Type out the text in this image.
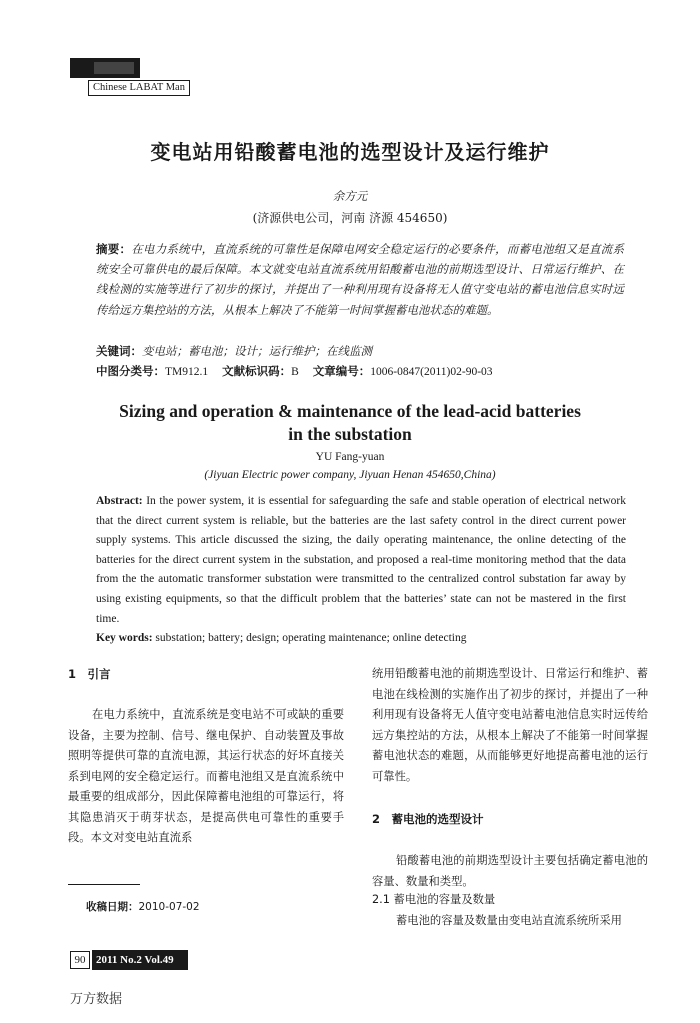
Chinese LABAT Man
变电站用铅酸蓄电池的选型设计及运行维护
余方元
(济源供电公司，河南 济源 454650)
摘要：在电力系统中，直流系统的可靠性是保障电网安全稳定运行的必要条件，而蓄电池组又是直流系统安全可靠供电的最后保障。本文就变电站直流系统用铅酸蓄电池的前期选型设计、日常运行维护、在线检测的实施等进行了初步的探讨，并提出了一种利用现有设备将无人值守变电站的蓄电池信息实时远传给远方集控站的方法，从根本上解决了不能第一时间掌握蓄电池状态的难题。
关键词：变电站；蓄电池；设计；运行维护；在线监测
中图分类号：TM912.1 文献标识码：B 文章编号：1006-0847(2011)02-90-03
Sizing and operation & maintenance of the lead-acid batteries
in the substation
YU Fang-yuan
(Jiyuan Electric power company, Jiyuan Henan 454650,China)
Abstract: In the power system, it is essential for safeguarding the safe and stable operation of electrical network that the direct current system is reliable, but the batteries are the last safety control in the direct current power supply systems. This article discussed the sizing, the daily operating maintenance, the online detecting of the batteries for the direct current system in the substation, and proposed a real-time monitoring method that the data from the the automatic transformer substation were transmitted to the centralized control substation far away by using existing equipments, so that the difficult problem that the batteries’ state can not be mastered in the first time.
Key words: substation; battery; design; operating maintenance; online detecting
1　引言
在电力系统中，直流系统是变电站不可或缺的重要设备，主要为控制、信号、继电保护、自动装置及事故照明等提供可靠的直流电源，其运行状态的好坏直接关系到电网的安全稳定运行。而蓄电池组又是直流系统中最重要的组成部分，因此保障蓄电池组的可靠运行，将其隐患消灭于萌芽状态，是提高供电可靠性的重要手段。本文对变电站直流系
统用铅酸蓄电池的前期选型设计、日常运行和维护、蓄电池在线检测的实施作出了初步的探讨，并提出了一种利用现有设备将无人值守变电站蓄电池信息实时远传给远方集控站的方法，从根本上解决了不能第一时间掌握蓄电池状态的难题，从而能够更好地提高蓄电池的运行可靠性。
2　蓄电池的选型设计
铅酸蓄电池的前期选型设计主要包括确定蓄电池的容量、数量和类型。
2.1 蓄电池的容量及数量
蓄电池的容量及数量由变电站直流系统所采用
收稿日期：2010-07-02
90 2011 No.2 Vol.49
万方数据
